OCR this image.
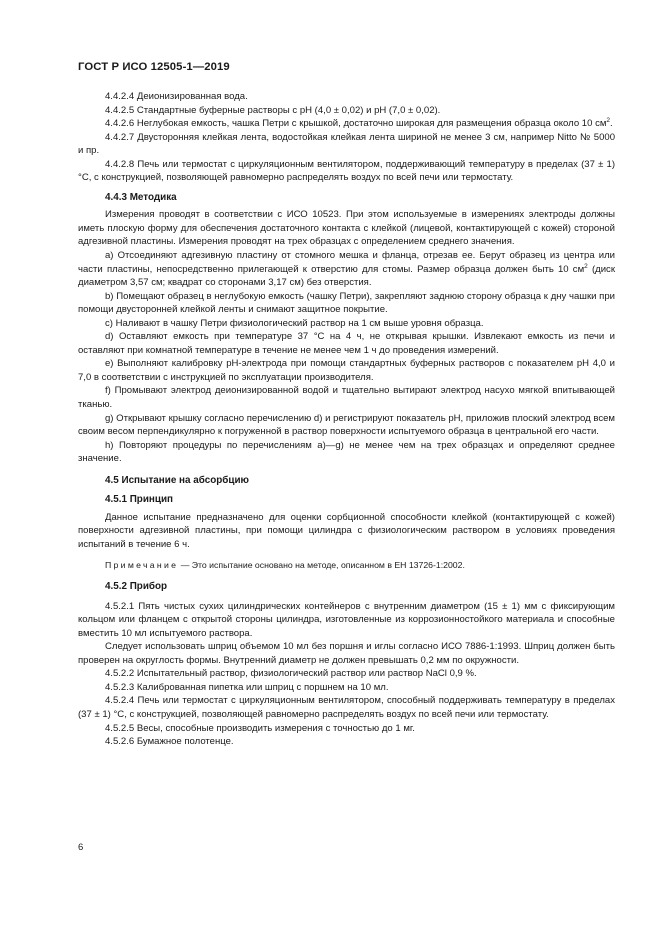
ГОСТ Р ИСО 12505-1—2019
4.4.2.4 Деионизированная вода.
4.4.2.5 Стандартные буферные растворы с рН (4,0 ± 0,02) и рН (7,0 ± 0,02).
4.4.2.6 Неглубокая емкость, чашка Петри с крышкой, достаточно широкая для размещения образца около 10 $см^2$.
4.4.2.7 Двусторонняя клейкая лента, водостойкая клейкая лента шириной не менее 3 cм, например Nitto № 5000 и пр.
4.4.2.8 Печь или термостат с циркуляционным вентилятором, поддерживающий температуру в пределах (37 ± 1) °С, с конструкцией, позволяющей равномерно распределять воздух по всей печи или термостату.
4.4.3 Методика
Измерения проводят в соответствии с ИСО 10523. При этом используемые в измерениях электроды должны иметь плоскую форму для обеспечения достаточного контакта с клейкой (лицевой, контактирующей с кожей) стороной адгезивной пластины. Измерения проводят на трех образцах с определением среднего значения.
а) Отсоединяют адгезивную пластину от стомного мешка и фланца, отрезав ее. Берут образец из центра или части пластины, непосредственно прилегающей к отверстию для стомы. Размер образца должен быть 10 $см^2$ (диск диаметром 3,57 см; квадрат со сторонами 3,17 см) без отверстия.
b) Помещают образец в неглубокую емкость (чашку Петри), закрепляют заднюю сторону образца к дну чашки при помощи двусторонней клейкой ленты и снимают защитное покрытие.
с) Наливают в чашку Петри физиологический раствор на 1 см выше уровня образца.
d) Оставляют емкость при температуре 37 °С на 4 ч, не открывая крышки. Извлекают емкость из печи и оставляют при комнатной температуре в течение не менее чем 1 ч до проведения измерений.
е) Выполняют калибровку рН-электрода при помощи стандартных буферных растворов с показателем рН 4,0 и 7,0 в соответствии с инструкцией по эксплуатации производителя.
f) Промывают электрод деионизированной водой и тщательно вытирают электрод насухо мягкой впитывающей тканью.
g) Открывают крышку согласно перечислению d) и регистрируют показатель рН, приложив плоский электрод всем своим весом перпендикулярно к погруженной в раствор поверхности испытуемого образца в центральной его части.
h) Повторяют процедуры по перечислениям а)—g) не менее чем на трех образцах и определяют среднее значение.
4.5 Испытание на абсорбцию
4.5.1 Принцип
Данное испытание предназначено для оценки сорбционной способности клейкой (контактирующей с кожей) поверхности адгезивной пластины, при помощи цилиндра с физиологическим раствором в условиях проведения испытаний в течение 6 ч.
Примечание — Это испытание основано на методе, описанном в EH 13726-1:2002.
4.5.2 Прибор
4.5.2.1 Пять чистых сухих цилиндрических контейнеров с внутренним диаметром (15 ± 1) мм с фиксирующим кольцом или фланцем с открытой стороны цилиндра, изготовленные из коррозионностойкого материала и способные вместить 10 мл испытуемого раствора.
Следует использовать шприц объемом 10 мл без поршня и иглы согласно ИСО 7886-1:1993. Шприц должен быть проверен на округлость формы. Внутренний диаметр не должен превышать 0,2 мм по окружности.
4.5.2.2 Испытательный раствор, физиологический раствор или раствор NaCl 0,9 %.
4.5.2.3 Калиброванная пипетка или шприц с поршнем на 10 мл.
4.5.2.4 Печь или термостат с циркуляционным вентилятором, способный поддерживать температуру в пределах (37 ± 1) °С, с конструкцией, позволяющей равномерно распределять воздух по всей печи или термостату.
4.5.2.5 Весы, способные производить измерения с точностью до 1 мг.
4.5.2.6 Бумажное полотенце.
6
